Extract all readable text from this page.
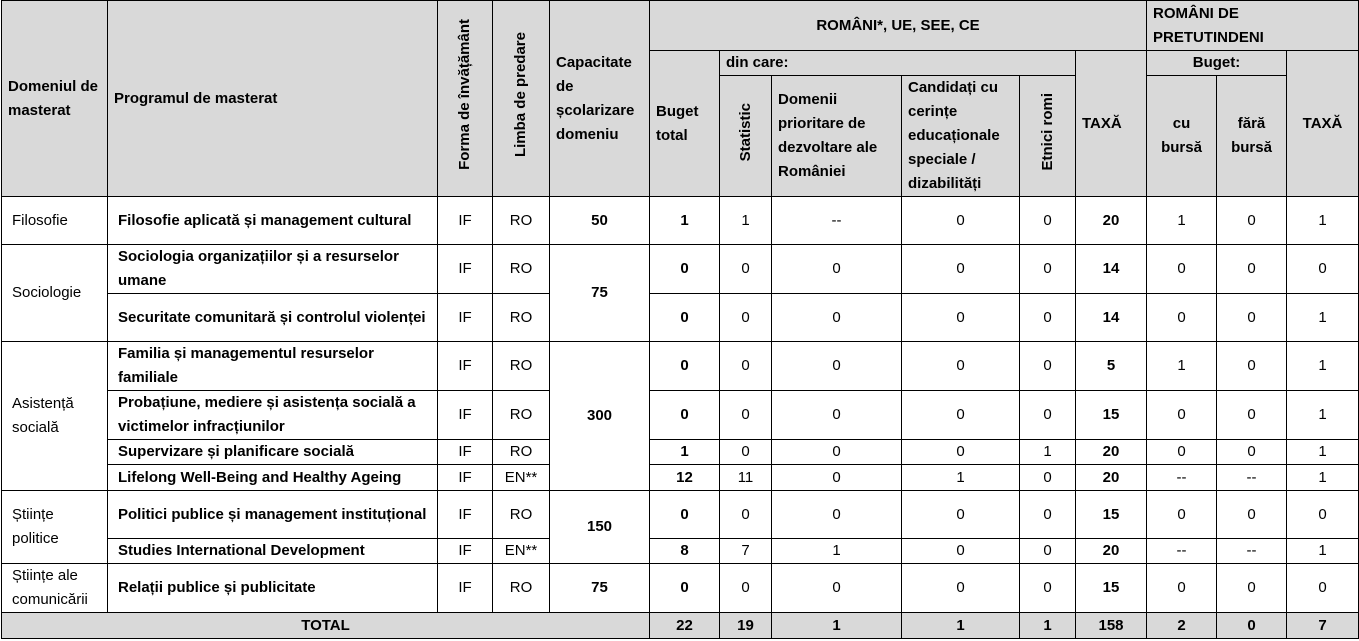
Domeniul de masterat	Programul de masterat	Forma de învățământ	Limba de predare	Capacitate de școlarizare domeniu	ROMÂNI*, UE, SEE, CE						ROMÂNI DE PRETUTINDENI		
					Buget total	din care:				TAXĂ	Buget:		TAXĂ
						Statistic	Domenii prioritare de dezvoltare ale României	Candidați cu cerințe educaționale speciale / dizabilități	Etnici romi		cu bursă	fără bursă	

Filosofie	Filosofie aplicată și management cultural	IF	RO	50	1	1	--	0	0	20	1	0	1
Sociologie	Sociologia organizațiilor și a resurselor umane	IF	RO	75	0	0	0	0	0	14	0	0	0
	Securitate comunitară și controlul violenței	IF	RO		0	0	0	0	0	14	0	0	1
Asistență socială	Familia și managementul resurselor familiale	IF	RO	300	0	0	0	0	0	5	1	0	1
	Probațiune, mediere și asistența socială a victimelor infracțiunilor	IF	RO		0	0	0	0	0	15	0	0	1
	Supervizare și planificare socială	IF	RO		1	0	0	0	1	20	0	0	1
	Lifelong Well-Being and Healthy Ageing	IF	EN**		12	11	0	1	0	20	--	--	1
Științe politice	Politici publice și management instituțional	IF	RO	150	0	0	0	0	0	15	0	0	0
	Studies International Development	IF	EN**		8	7	1	0	0	20	--	--	1
Științe ale comunicării	Relații publice și publicitate	IF	RO	75	0	0	0	0	0	15	0	0	0
TOTAL					22	19	1	1	1	158	2	0	7
